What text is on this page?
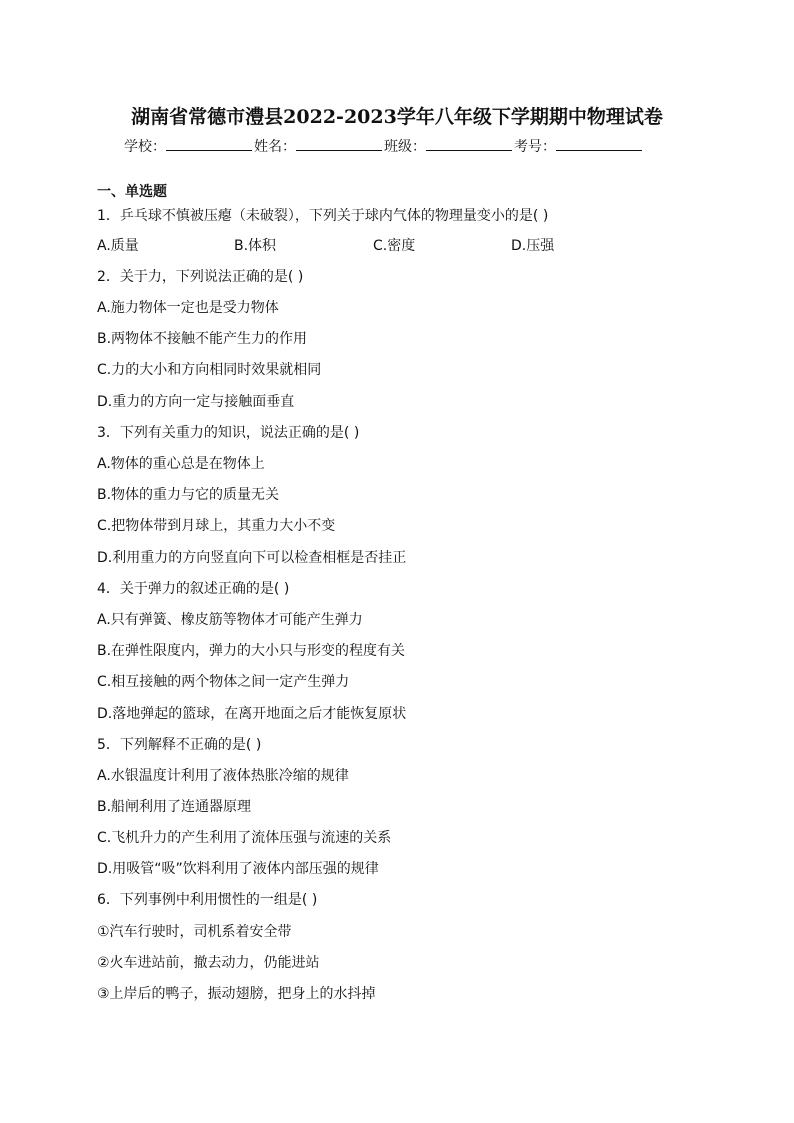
湖南省常德市澧县2022-2023学年八年级下学期期中物理试卷
学校：	姓名：	班级：	考号：
一、单选题
1．乒乓球不慎被压瘪（未破裂），下列关于球内气体的物理量变小的是( )
A.质量	B.体积	C.密度	D.压强
2．关于力，下列说法正确的是( )
A.施力物体一定也是受力物体
B.两物体不接触不能产生力的作用
C.力的大小和方向相同时效果就相同
D.重力的方向一定与接触面垂直
3．下列有关重力的知识，说法正确的是( )
A.物体的重心总是在物体上
B.物体的重力与它的质量无关
C.把物体带到月球上，其重力大小不变
D.利用重力的方向竖直向下可以检查相框是否挂正
4．关于弹力的叙述正确的是( )
A.只有弹簧、橡皮筋等物体才可能产生弹力
B.在弹性限度内，弹力的大小只与形变的程度有关
C.相互接触的两个物体之间一定产生弹力
D.落地弹起的篮球，在离开地面之后才能恢复原状
5．下列解释不正确的是( )
A.水银温度计利用了液体热胀冷缩的规律
B.船闸利用了连通器原理
C.飞机升力的产生利用了流体压强与流速的关系
D.用吸管“吸”饮料利用了液体内部压强的规律
6．下列事例中利用惯性的一组是( )
①汽车行驶时，司机系着安全带
②火车进站前，撤去动力，仍能进站
③上岸后的鸭子，振动翅膀，把身上的水抖掉
